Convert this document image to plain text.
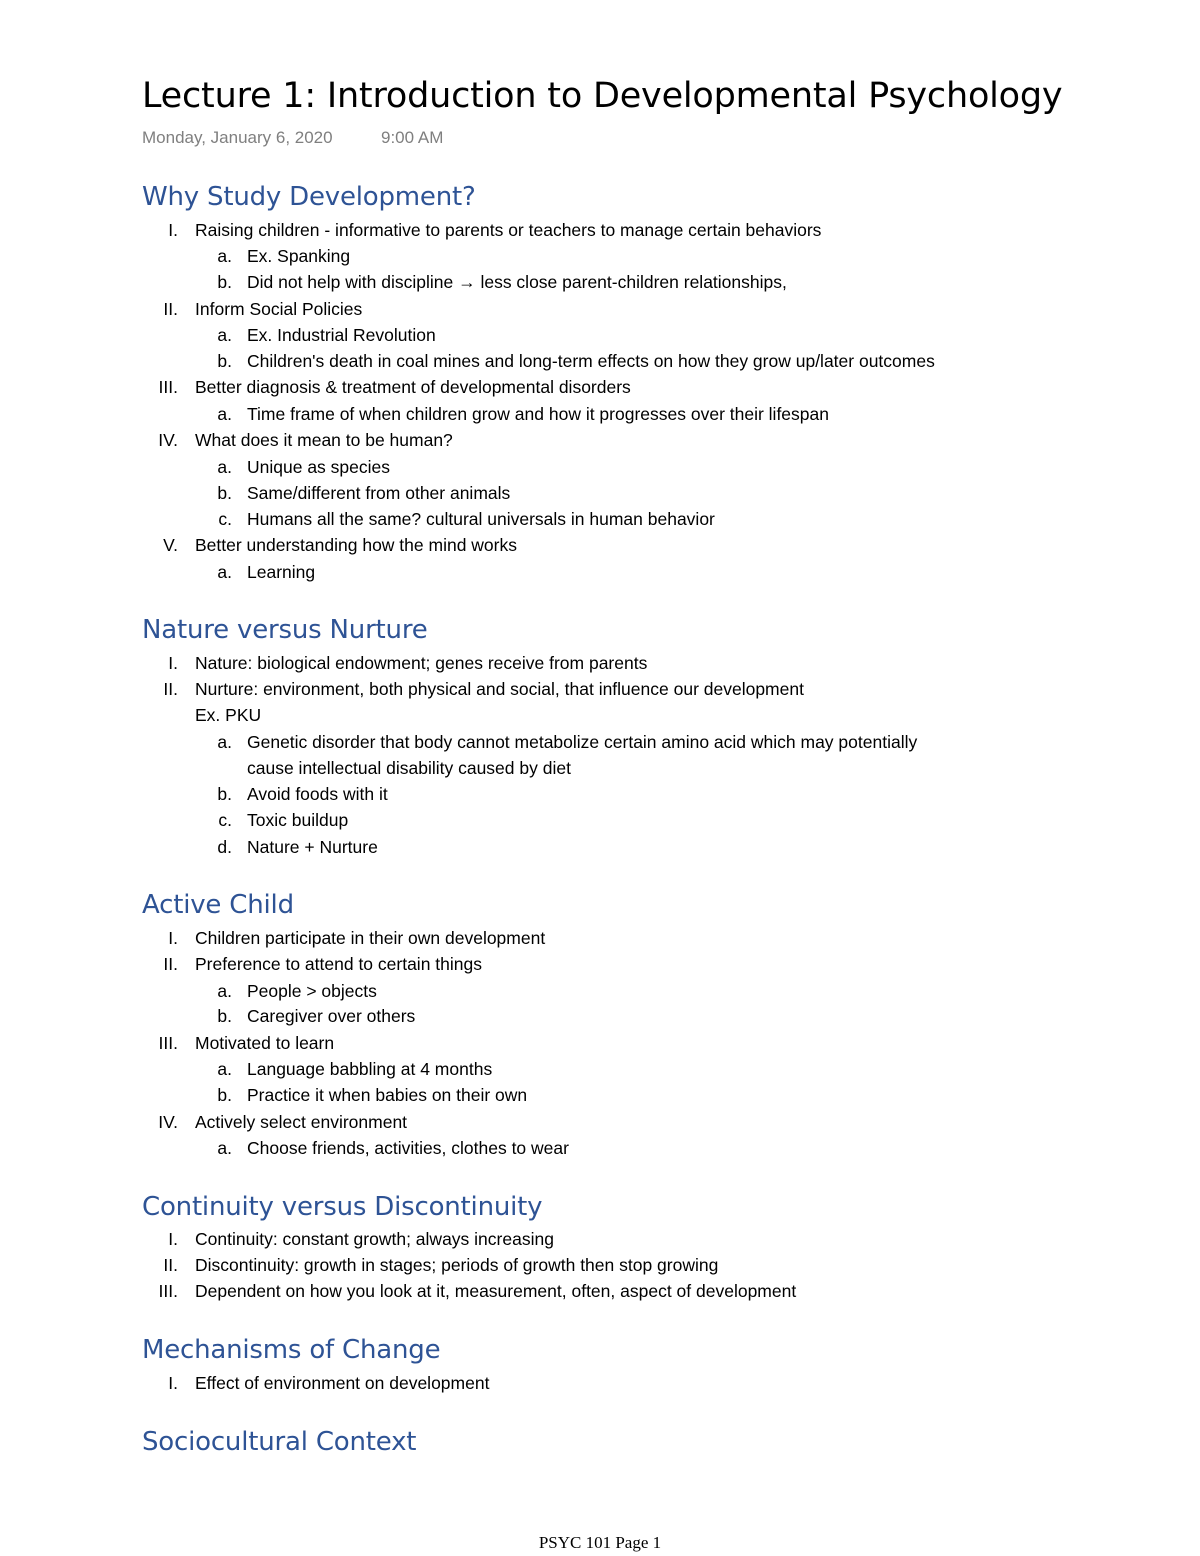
Lecture 1: Introduction to Developmental Psychology
Monday, January 6, 2020	9:00 AM
Why Study Development?
I. Raising children - informative to parents or teachers to manage certain behaviors
a. Ex. Spanking
b. Did not help with discipline → less close parent-children relationships,
II. Inform Social Policies
a. Ex. Industrial Revolution
b. Children's death in coal mines and long-term effects on how they grow up/later outcomes
III. Better diagnosis & treatment of developmental disorders
a. Time frame of when children grow and how it progresses over their lifespan
IV. What does it mean to be human?
a. Unique as species
b. Same/different from other animals
c. Humans all the same? cultural universals in human behavior
V. Better understanding how the mind works
a. Learning
Nature versus Nurture
I. Nature: biological endowment; genes receive from parents
II. Nurture: environment, both physical and social, that influence our development
Ex. PKU
a. Genetic disorder that body cannot metabolize certain amino acid which may potentially
cause intellectual disability caused by diet
b. Avoid foods with it
c. Toxic buildup
d. Nature + Nurture
Active Child
I. Children participate in their own development
II. Preference to attend to certain things
a. People > objects
b. Caregiver over others
III. Motivated to learn
a. Language babbling at 4 months
b. Practice it when babies on their own
IV. Actively select environment
a. Choose friends, activities, clothes to wear
Continuity versus Discontinuity
I. Continuity: constant growth; always increasing
II. Discontinuity: growth in stages; periods of growth then stop growing
III. Dependent on how you look at it, measurement, often, aspect of development
Mechanisms of Change
I. Effect of environment on development
Sociocultural Context
PSYC 101 Page 1
